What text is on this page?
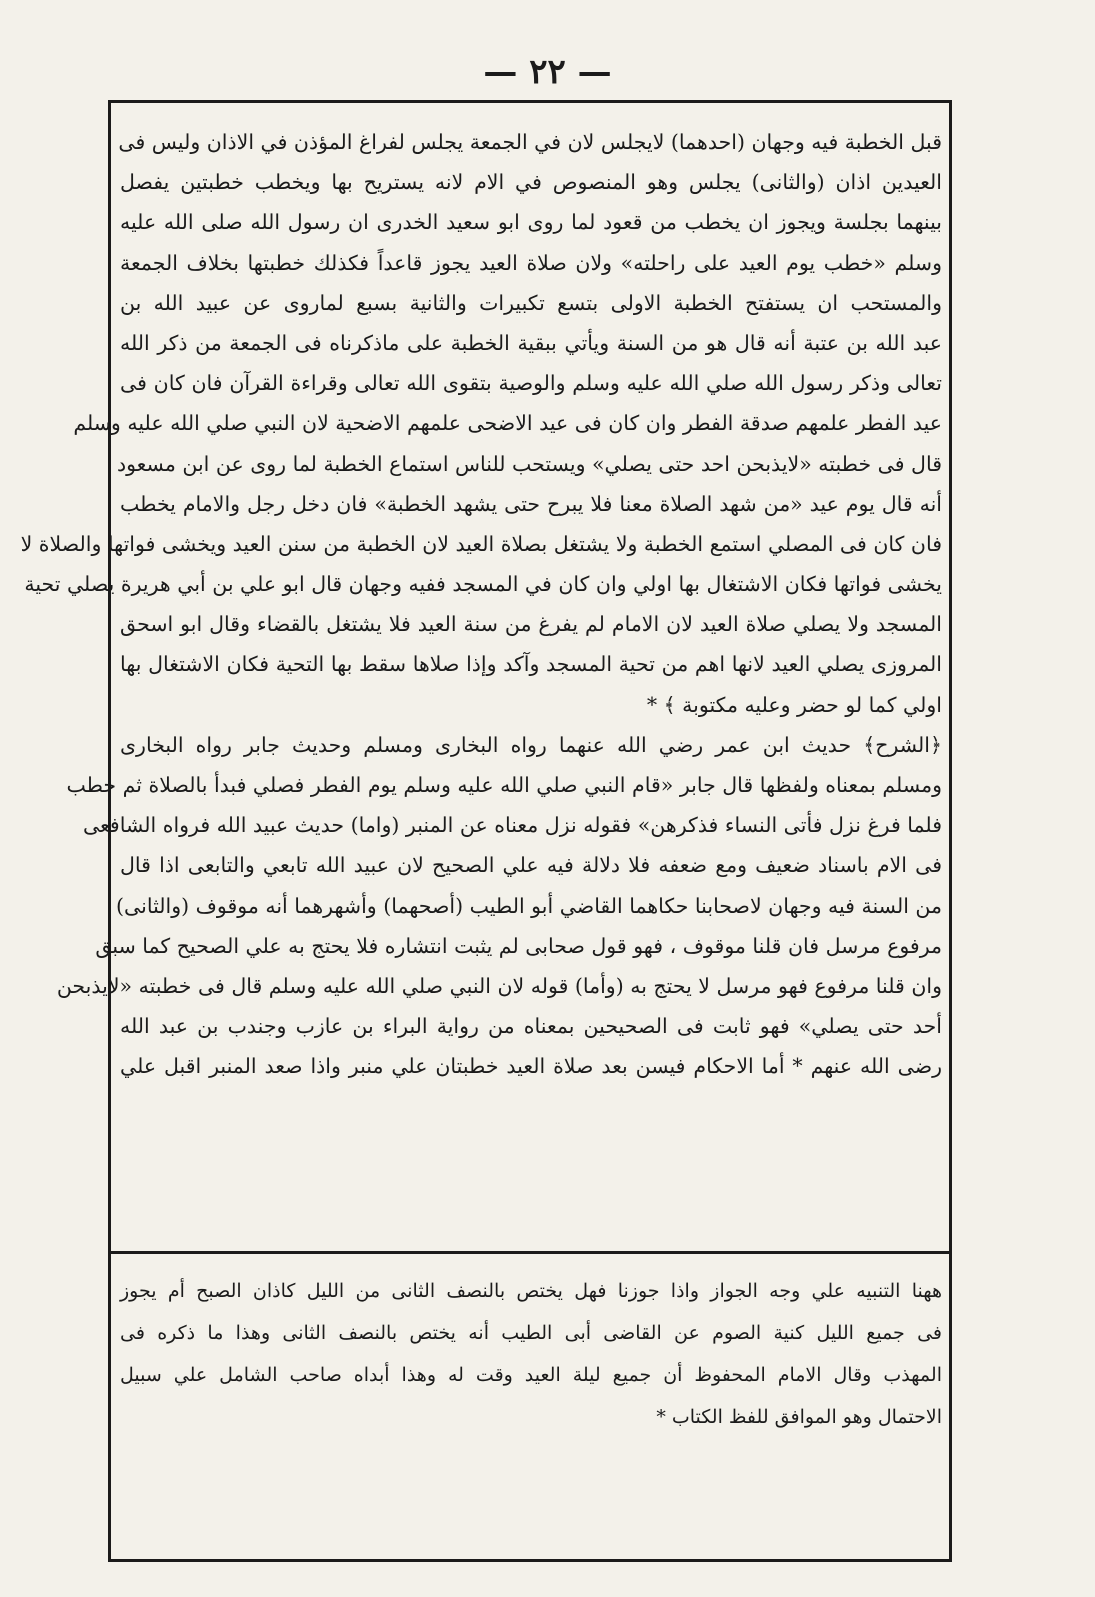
— ٢٢ —
قبل الخطبة فيه وجهان (احدهما) لايجلس لان في الجمعة يجلس لفراغ المؤذن في الاذان وليس فى
العيدين اذان (والثانى) يجلس وهو المنصوص في الام لانه يستريح بها ويخطب خطبتين يفصل
بينهما بجلسة ويجوز ان يخطب من قعود لما روى ابو سعيد الخدرى ان رسول الله صلى الله عليه
وسلم «خطب يوم العيد على راحلته» ولان صلاة العيد يجوز قاعداً فكذلك خطبتها بخلاف الجمعة
والمستحب ان يستفتح الخطبة الاولى بتسع تكبيرات والثانية بسبع لماروى عن عبيد الله بن
عبد الله بن عتبة أنه قال هو من السنة ويأتي ببقية الخطبة على ماذكرناه فى الجمعة من ذكر الله
تعالى وذكر رسول الله صلي الله عليه وسلم والوصية بتقوى الله تعالى وقراءة القرآن فان كان فى
عيد الفطر علمهم صدقة الفطر وان كان فى عيد الاضحى علمهم الاضحية لان النبي صلي الله عليه وسلم
قال فى خطبته «لايذبحن احد حتى يصلي» ويستحب للناس استماع الخطبة لما روى عن ابن مسعود
أنه قال يوم عيد «من شهد الصلاة معنا فلا يبرح حتى يشهد الخطبة» فان دخل رجل والامام يخطب
فان كان فى المصلي استمع الخطبة ولا يشتغل بصلاة العيد لان الخطبة من سنن العيد ويخشى فواتها والصلاة لا
يخشى فواتها فكان الاشتغال بها اولي وان كان في المسجد ففيه وجهان قال ابو علي بن أبي هريرة يصلي تحية
المسجد ولا يصلي صلاة العيد لان الامام لم يفرغ من سنة العيد فلا يشتغل بالقضاء وقال ابو اسحق
المروزى يصلي العيد لانها اهم من تحية المسجد وآكد وإذا صلاها سقط بها التحية فكان الاشتغال بها
اولي كما لو حضر وعليه مكتوبة ﴾ *
﴿الشرح﴾ حديث ابن عمر رضي الله عنهما رواه البخارى ومسلم وحديث جابر رواه البخارى
ومسلم بمعناه ولفظها قال جابر «قام النبي صلي الله عليه وسلم يوم الفطر فصلي فبدأ بالصلاة ثم خطب
فلما فرغ نزل فأتى النساء فذكرهن» فقوله نزل معناه عن المنبر (واما) حديث عبيد الله فرواه الشافعى
فى الام باسناد ضعيف ومع ضعفه فلا دلالة فيه علي الصحيح لان عبيد الله تابعي والتابعى اذا قال
من السنة فيه وجهان لاصحابنا حكاهما القاضي أبو الطيب (أصحهما) وأشهرهما أنه موقوف (والثانى)
مرفوع مرسل فان قلنا موقوف ، فهو قول صحابى لم يثبت انتشاره فلا يحتج به علي الصحيح كما سبق
وان قلنا مرفوع فهو مرسل لا يحتج به (وأما) قوله لان النبي صلي الله عليه وسلم قال فى خطبته «لايذبحن
أحد حتى يصلي» فهو ثابت فى الصحيحين بمعناه من رواية البراء بن عازب وجندب بن عبد الله
رضى الله عنهم * أما الاحكام فيسن بعد صلاة العيد خطبتان علي منبر واذا صعد المنبر اقبل علي
ههنا التنبيه علي وجه الجواز واذا جوزنا فهل يختص بالنصف الثانى من الليل كاذان الصبح أم يجوز
فى جميع الليل كنية الصوم عن القاضى أبى الطيب أنه يختص بالنصف الثانى وهذا ما ذكره فى
المهذب وقال الامام المحفوظ أن جميع ليلة العيد وقت له وهذا أبداه صاحب الشامل علي سبيل
الاحتمال وهو الموافق للفظ الكتاب *
